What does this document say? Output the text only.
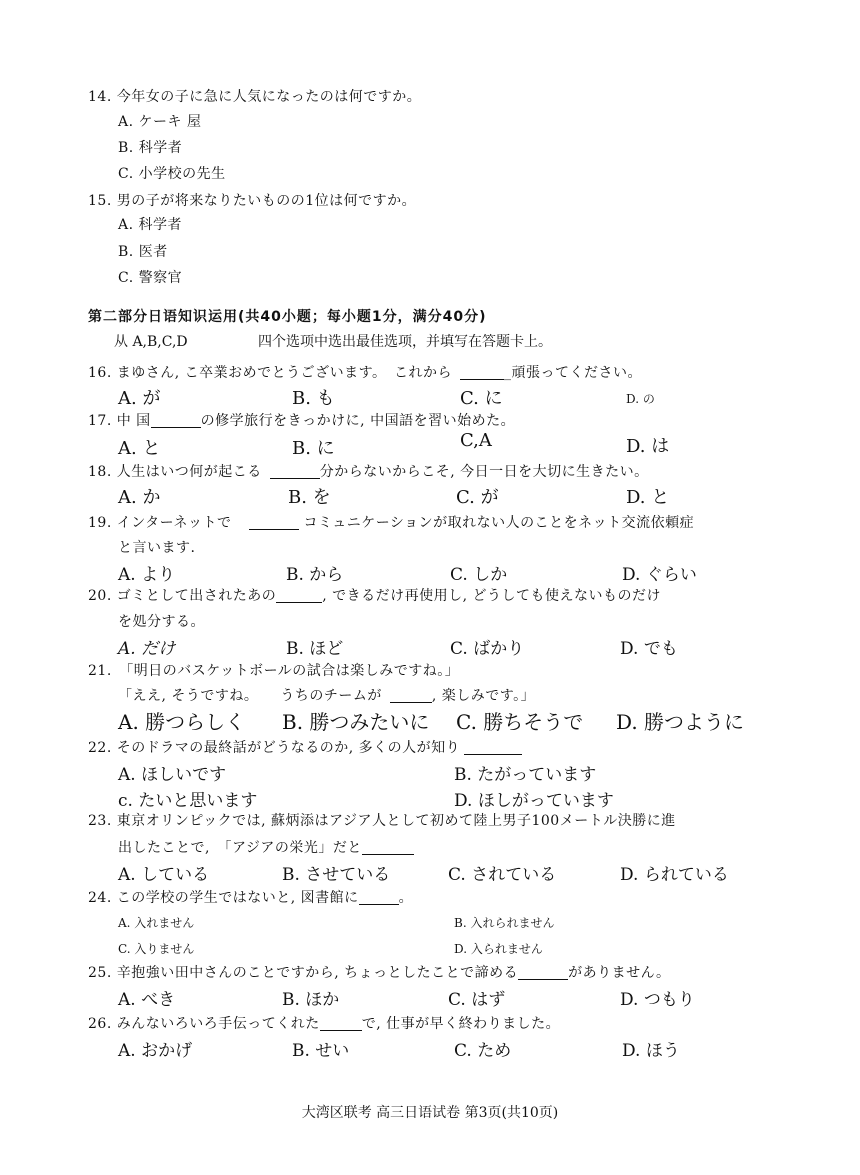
14. 今年女の子に急に人気になったのは何ですか。
A. ケーキ 屋
B. 科学者
C. 小学校の先生
15. 男の子が将来なりたいものの1位は何ですか。
A. 科学者
B. 医者
C. 警察官
第二部分日语知识运用(共40小题；每小题1分，满分40分)
从 A,B,C,D	四个选项中选出最佳选项，并填写在答题卡上。
16. まゆさん, こ卒業おめでとうございます。　これから	_頑張ってください。
A. が	B. も	C. に	D. の
17. 中 国	の修学旅行をきっかけに, 中国語を習い始めた。
A. と	B. に	C,A	D. は
18. 人生はいつ何が起こる	分からないからこそ, 今日一日を大切に生きたい。
A. か	B. を	C. が	D. と
19. インターネットで	コミュニケーションが取れない人のことをネット交流依頼症
と言います.
A. より	B. から	C. しか	D. ぐらい
20. ゴミとして出されたあの	, できるだけ再使用し, どうしても使えないものだけ
を処分する。
A. だけ	B. ほど	C. ばかり	D. でも
21.　「明日のバスケットボールの試合は楽しみですね。」
「ええ, そうですね。　　うちのチームが	, 楽しみです。」
A. 勝つらしく B. 勝つみたいに C. 勝ちそうで D. 勝つように
22. そのドラマの最終話がどうなるのか, 多くの人が知り
A. ほしいです	B. たがっています
c. たいと思います	D. ほしがっています
23. 東京オリンピックでは, 蘇炳添はアジア人として初めて陸上男子100メートル決勝に進
出したことで,　「アジアの栄光」だと
A. している	B. させている	C. されている	D. られている
24. この学校の学生ではないと, 図書館に	。
A. 入れません	B. 入れられません
C. 入りません	D. 入られません
25. 辛抱強い田中さんのことですから, ちょっとしたことで諦める	がありません。
A. べき	B. ほか	C. はず	D. つもり
26. みんないろいろ手伝ってくれた	で, 仕事が早く終わりました。
A. おかげ	B. せい	C. ため	D. ほう
大湾区联考 高三日语试卷 第3页(共10页)
